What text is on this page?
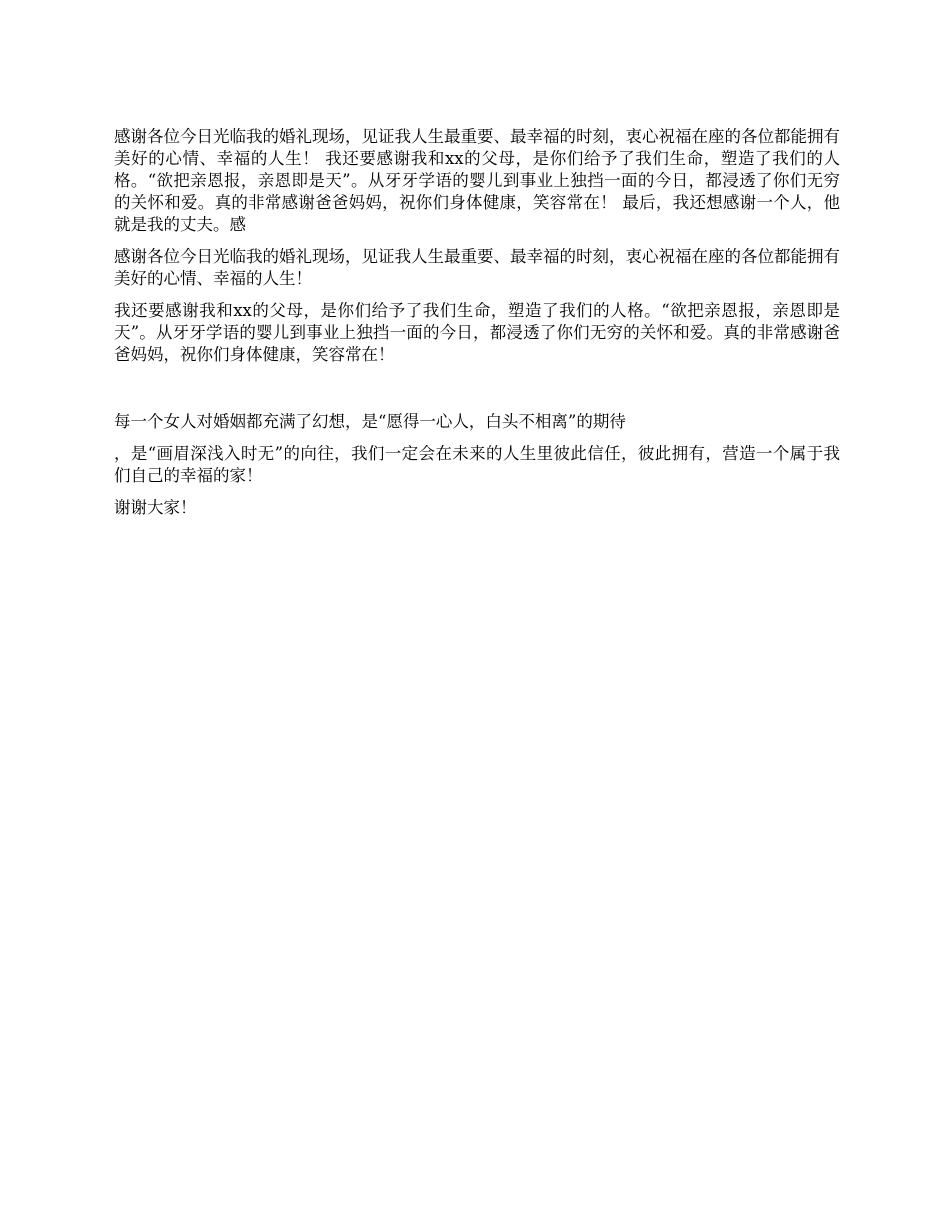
感谢各位今日光临我的婚礼现场，见证我人生最重要、最幸福的时刻，衷心祝福在座的各位都能拥有美好的心情、幸福的人生！ 我还要感谢我和xx的父母，是你们给予了我们生命，塑造了我们的人格。“欲把亲恩报，亲恩即是天”。从牙牙学语的婴儿到事业上独挡一面的今日，都浸透了你们无穷的关怀和爱。真的非常感谢爸爸妈妈，祝你们身体健康，笑容常在！ 最后，我还想感谢一个人，他就是我的丈夫。感

感谢各位今日光临我的婚礼现场，见证我人生最重要、最幸福的时刻，衷心祝福在座的各位都能拥有美好的心情、幸福的人生！

我还要感谢我和xx的父母，是你们给予了我们生命，塑造了我们的人格。“欲把亲恩报，亲恩即是天”。从牙牙学语的婴儿到事业上独挡一面的今日，都浸透了你们无穷的关怀和爱。真的非常感谢爸爸妈妈，祝你们身体健康，笑容常在！

每一个女人对婚姻都充满了幻想，是“愿得一心人，白头不相离”的期待

，是“画眉深浅入时无”的向往，我们一定会在未来的人生里彼此信任，彼此拥有，营造一个属于我们自己的幸福的家！

谢谢大家！
